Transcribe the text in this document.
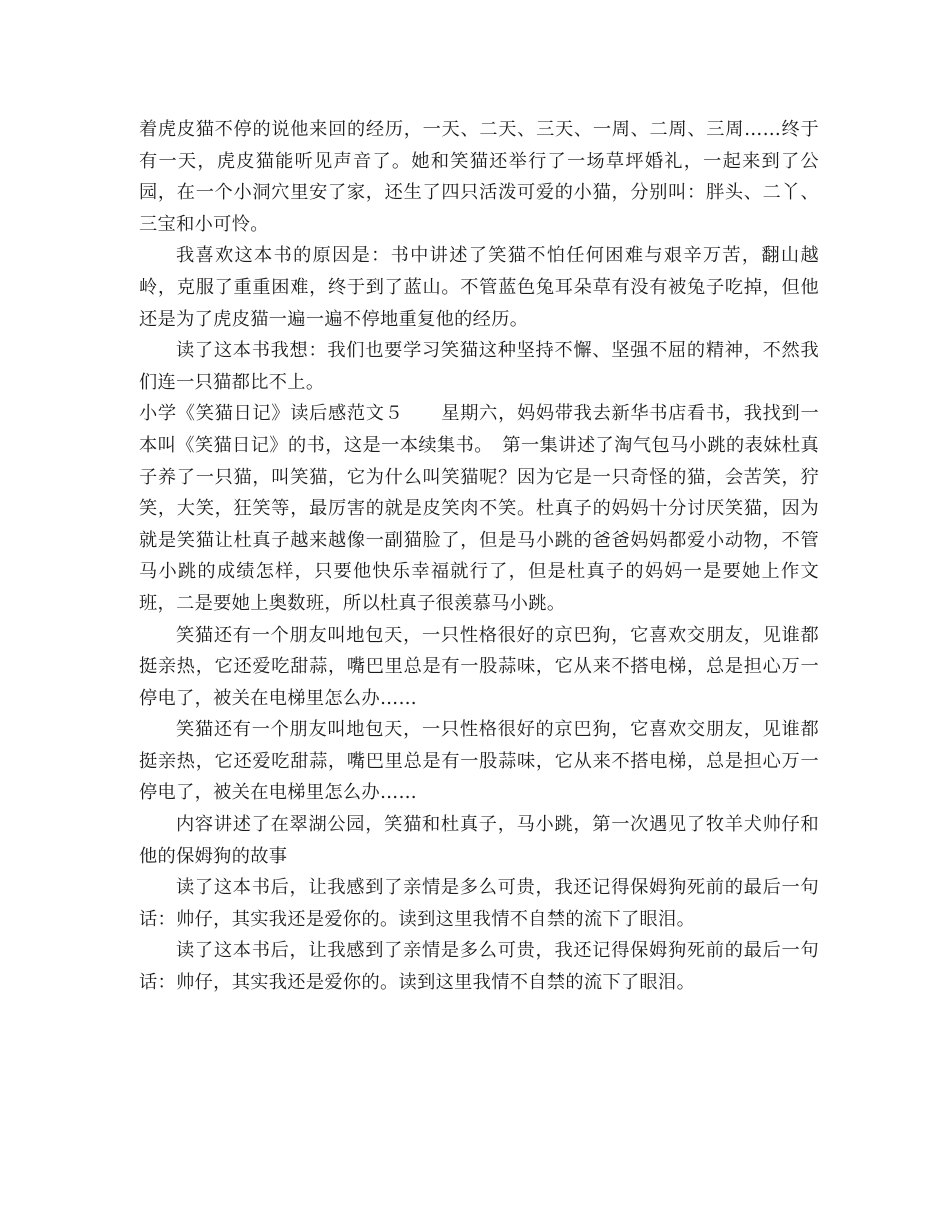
着虎皮猫不停的说他来回的经历，一天、二天、三天、一周、二周、三周……终于有一天，虎皮猫能听见声音了。她和笑猫还举行了一场草坪婚礼，一起来到了公园，在一个小洞穴里安了家，还生了四只活泼可爱的小猫，分别叫：胖头、二丫、三宝和小可怜。

我喜欢这本书的原因是：书中讲述了笑猫不怕任何困难与艰辛万苦，翻山越岭，克服了重重困难，终于到了蓝山。不管蓝色兔耳朵草有没有被兔子吃掉，但他还是为了虎皮猫一遍一遍不停地重复他的经历。

读了这本书我想：我们也要学习笑猫这种坚持不懈、坚强不屈的精神，不然我们连一只猫都比不上。

小学《笑猫日记》读后感范文５　　星期六，妈妈带我去新华书店看书，我找到一本叫《笑猫日记》的书，这是一本续集书。　第一集讲述了淘气包马小跳的表妹杜真子养了一只猫，叫笑猫，它为什么叫笑猫呢？因为它是一只奇怪的猫，会苦笑，狞笑，大笑，狂笑等，最厉害的就是皮笑肉不笑。杜真子的妈妈十分讨厌笑猫，因为就是笑猫让杜真子越来越像一副猫脸了，但是马小跳的爸爸妈妈都爱小动物，不管马小跳的成绩怎样，只要他快乐幸福就行了，但是杜真子的妈妈一是要她上作文班，二是要她上奥数班，所以杜真子很羡慕马小跳。

笑猫还有一个朋友叫地包天，一只性格很好的京巴狗，它喜欢交朋友，见谁都挺亲热，它还爱吃甜蒜，嘴巴里总是有一股蒜味，它从来不搭电梯，总是担心万一停电了，被关在电梯里怎么办……

笑猫还有一个朋友叫地包天，一只性格很好的京巴狗，它喜欢交朋友，见谁都挺亲热，它还爱吃甜蒜，嘴巴里总是有一股蒜味，它从来不搭电梯，总是担心万一停电了，被关在电梯里怎么办……

内容讲述了在翠湖公园，笑猫和杜真子，马小跳，第一次遇见了牧羊犬帅仔和他的保姆狗的故事

读了这本书后，让我感到了亲情是多么可贵，我还记得保姆狗死前的最后一句话：帅仔，其实我还是爱你的。读到这里我情不自禁的流下了眼泪。

读了这本书后，让我感到了亲情是多么可贵，我还记得保姆狗死前的最后一句话：帅仔，其实我还是爱你的。读到这里我情不自禁的流下了眼泪。
